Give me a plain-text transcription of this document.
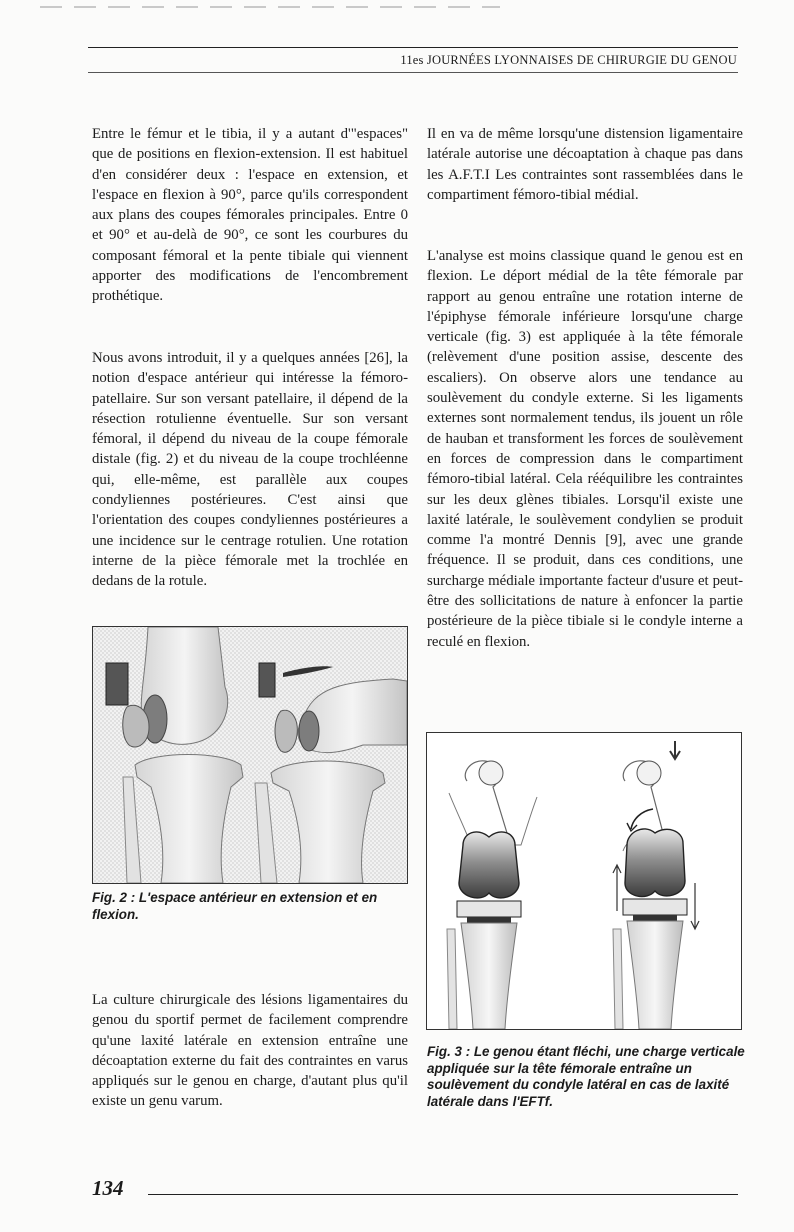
11es JOURNÉES LYONNAISES DE CHIRURGIE DU GENOU

Entre le fémur et le tibia, il y a autant d'"espaces" que de positions en flexion-extension. Il est habituel d'en considérer deux : l'espace en extension, et l'espace en flexion à 90°, parce qu'ils correspondent aux plans des coupes fémorales principales. Entre 0 et 90° et au-delà de 90°, ce sont les courbures du composant fémoral et la pente tibiale qui viennent apporter des modifications de l'encombrement prothétique.

Nous avons introduit, il y a quelques années [26], la notion d'espace antérieur qui intéresse la fémoro-patellaire. Sur son versant patellaire, il dépend de la résection rotulienne éventuelle. Sur son versant fémoral, il dépend du niveau de la coupe fémorale distale (fig. 2) et du niveau de la coupe trochléenne qui, elle-même, est parallèle aux coupes condyliennes postérieures. C'est ainsi que l'orientation des coupes condyliennes postérieures a une incidence sur le centrage rotulien. Une rotation interne de la pièce fémorale met la trochlée en dedans de la rotule.

La culture chirurgicale des lésions ligamentaires du genou du sportif permet de facilement comprendre qu'une laxité latérale en extension entraîne une décoaptation externe du fait des contraintes en varus appliqués sur le genou en charge, d'autant plus qu'il existe un genu varum.

Il en va de même lorsqu'une distension ligamentaire latérale autorise une décoaptation à chaque pas dans les A.F.T.I Les contraintes sont rassemblées dans le compartiment fémoro-tibial médial.

L'analyse est moins classique quand le genou est en flexion. Le déport médial de la tête fémorale par rapport au genou entraîne une rotation interne de l'épiphyse fémorale inférieure lorsqu'une charge verticale (fig. 3) est appliquée à la tête fémorale (relèvement d'une position assise, descente des escaliers). On observe alors une tendance au soulèvement du condyle externe. Si les ligaments externes sont normalement tendus, ils jouent un rôle de hauban et transforment les forces de soulèvement en forces de compression dans le compartiment fémoro-tibial latéral. Cela rééquilibre les contraintes sur les deux glènes tibiales. Lorsqu'il existe une laxité latérale, le soulèvement condylien se produit comme l'a montré Dennis [9], avec une grande fréquence. Il se produit, dans ces conditions, une surcharge médiale importante facteur d'usure et peut-être des sollicitations de nature à enfoncer la partie postérieure de la pièce tibiale si le condyle interne a reculé en flexion.

Fig. 2 : L'espace antérieur en extension et en flexion.
Fig. 3 : Le genou étant fléchi, une charge verticale appliquée sur la tête fémorale entraîne un soulèvement du condyle latéral en cas de laxité latérale dans l'EFTf.
134
